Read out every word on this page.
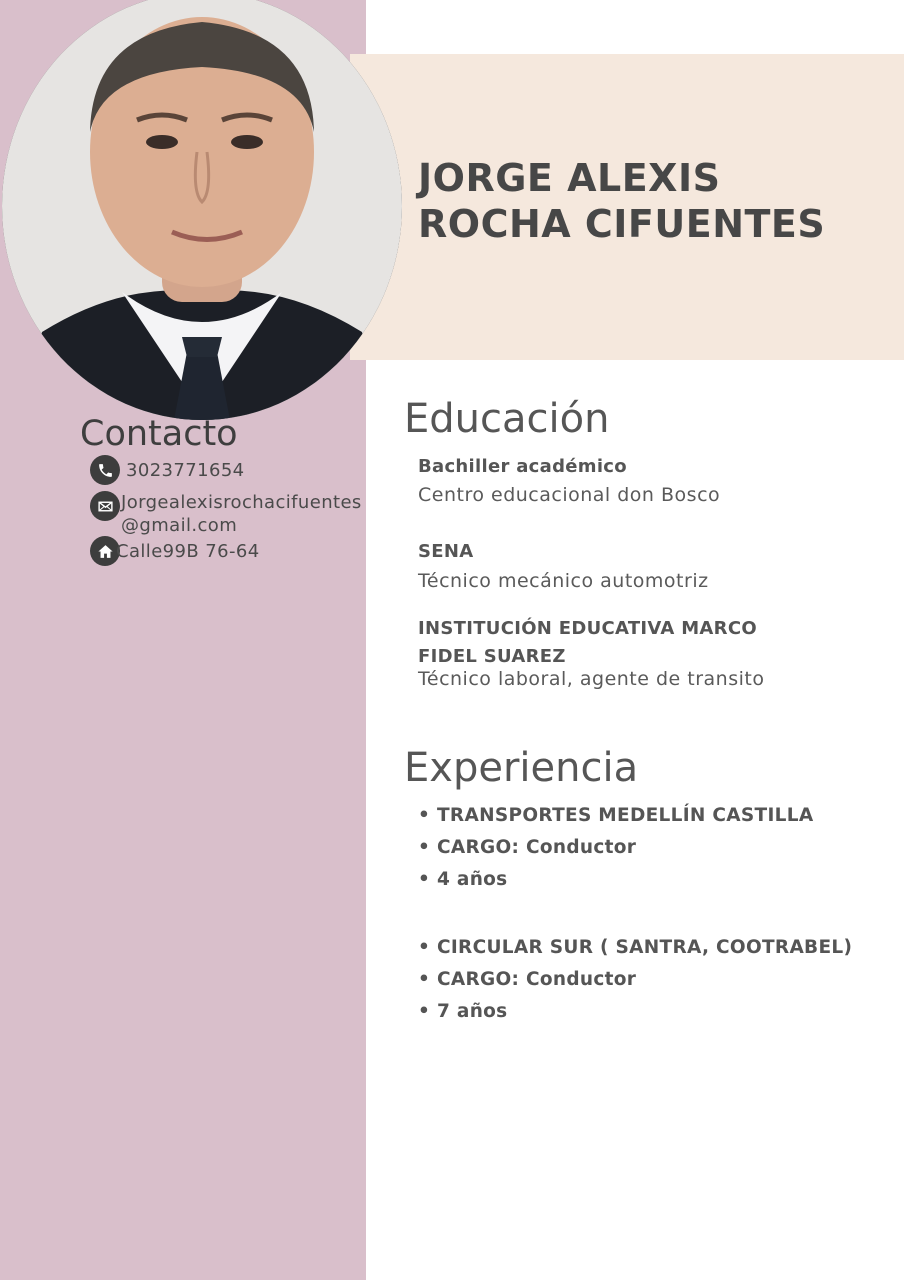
JORGE ALEXIS
ROCHA CIFUENTES
Contacto
3023771654
Jorgealexisrochacifuentes
@gmail.com
Calle99B 76-64
Educación
Bachiller académico
Centro educacional don Bosco
SENA
Técnico mecánico automotriz
INSTITUCIÓN EDUCATIVA MARCO
FIDEL SUAREZ
Técnico laboral, agente de transito
Experiencia
• TRANSPORTES MEDELLÍN CASTILLA
• CARGO: Conductor
• 4 años
• CIRCULAR SUR ( SANTRA, COOTRABEL)
• CARGO: Conductor
• 7 años
